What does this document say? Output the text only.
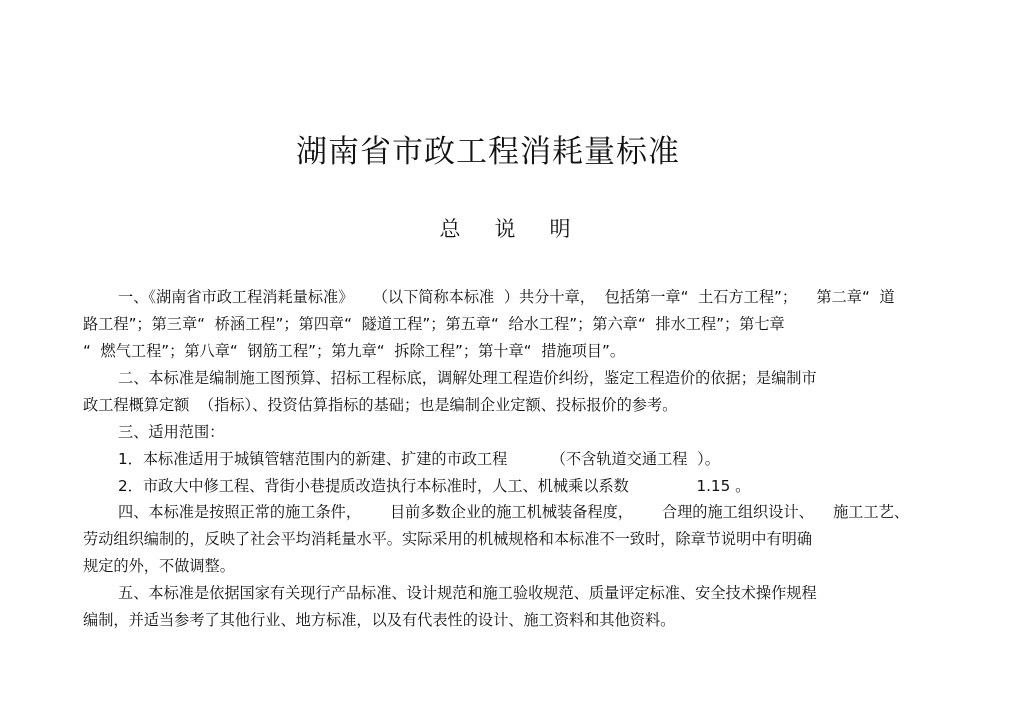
湖南省市政工程消耗量标准
总说明
一、《湖南省市政工程消耗量标准》    （以下简称本标准  ）共分十章，  包括第一章“  土石方工程”；    第二章“  道
路工程”；第三章“  桥涵工程”；第四章“  隧道工程”；第五章“  给水工程”；第六章“  排水工程”；第七章
“  燃气工程”；第八章“  钢筋工程”；第九章“  拆除工程”；第十章“  措施项目”。
二、本标准是编制施工图预算、招标工程标底，调解处理工程造价纠纷，鉴定工程造价的依据；是编制市
政工程概算定额  （指标）、投资估算指标的基础；也是编制企业定额、投标报价的参考。
三、适用范围：
1．本标准适用于城镇管辖范围内的新建、扩建的市政工程         （不含轨道交通工程  ）。
2．市政大中修工程、背街小巷提质改造执行本标准时，人工、机械乘以系数              1.15 。
四、本标准是按照正常的施工条件，      目前多数企业的施工机械装备程度，      合理的施工组织设计、    施工工艺、
劳动组织编制的，反映了社会平均消耗量水平。实际采用的机械规格和本标准不一致时，除章节说明中有明确
规定的外，不做调整。
五、本标准是依据国家有关现行产品标准、设计规范和施工验收规范、质量评定标准、安全技术操作规程
编制，并适当参考了其他行业、地方标准，以及有代表性的设计、施工资料和其他资料。
